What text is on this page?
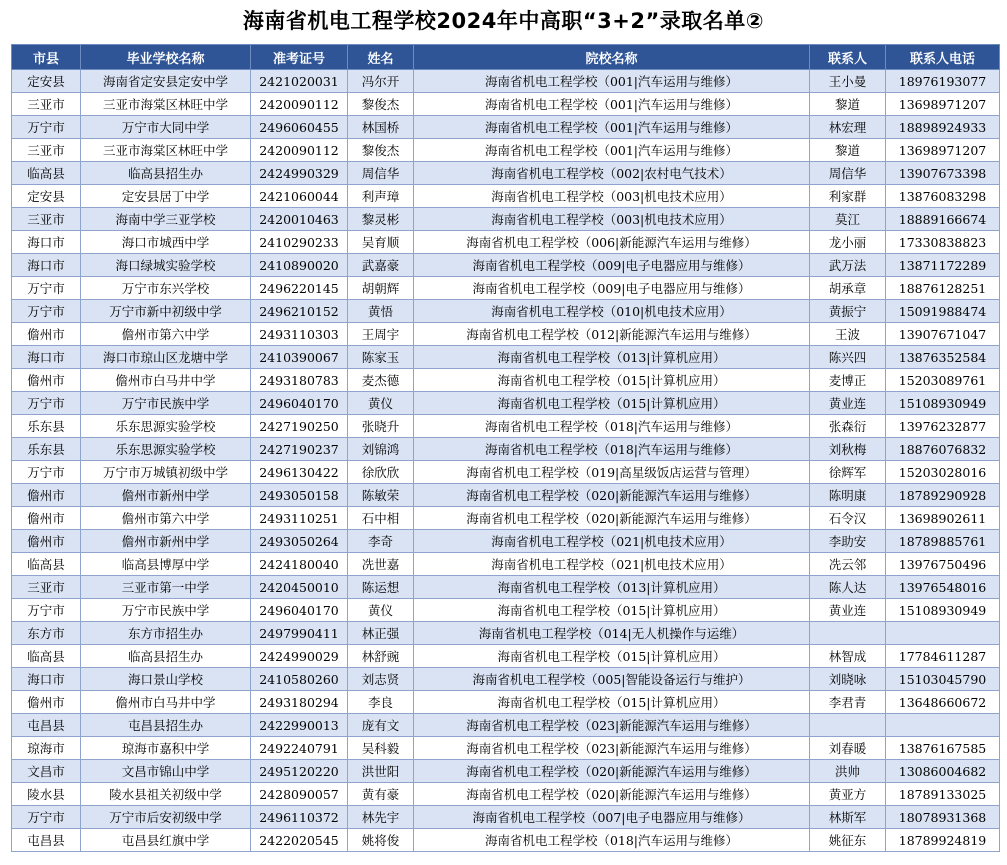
海南省机电工程学校2024年中高职“3+2”录取名单②
市县	毕业学校名称	准考证号	姓名	院校名称	联系人	联系人电话
定安县	海南省定安县定安中学	2421020031	冯尔开	海南省机电工程学校（001|汽车运用与维修）	王小曼	18976193077
三亚市	三亚市海棠区林旺中学	2420090112	黎俊杰	海南省机电工程学校（001|汽车运用与维修）	黎道	13698971207
万宁市	万宁市大同中学	2496060455	林国桥	海南省机电工程学校（001|汽车运用与维修）	林宏理	18898924933
三亚市	三亚市海棠区林旺中学	2420090112	黎俊杰	海南省机电工程学校（001|汽车运用与维修）	黎道	13698971207
临高县	临高县招生办	2424990329	周信华	海南省机电工程学校（002|农村电气技术）	周信华	13907673398
定安县	定安县居丁中学	2421060044	利声璋	海南省机电工程学校（003|机电技术应用）	利家群	13876083298
三亚市	海南中学三亚学校	2420010463	黎灵彬	海南省机电工程学校（003|机电技术应用）	莫江	18889166674
海口市	海口市城西中学	2410290233	吴育顺	海南省机电工程学校（006|新能源汽车运用与维修）	龙小丽	17330838823
海口市	海口绿城实验学校	2410890020	武嘉豪	海南省机电工程学校（009|电子电器应用与维修）	武万法	13871172289
万宁市	万宁市东兴学校	2496220145	胡朝辉	海南省机电工程学校（009|电子电器应用与维修）	胡承章	18876128251
万宁市	万宁市新中初级中学	2496210152	黄悟	海南省机电工程学校（010|机电技术应用）	黄振宁	15091988474
儋州市	儋州市第六中学	2493110303	王周宇	海南省机电工程学校（012|新能源汽车运用与维修）	王波	13907671047
海口市	海口市琼山区龙塘中学	2410390067	陈家玉	海南省机电工程学校（013|计算机应用）	陈兴四	13876352584
儋州市	儋州市白马井中学	2493180783	麦杰德	海南省机电工程学校（015|计算机应用）	麦博正	15203089761
万宁市	万宁市民族中学	2496040170	黄仪	海南省机电工程学校（015|计算机应用）	黄业连	15108930949
乐东县	乐东思源实验学校	2427190250	张晓升	海南省机电工程学校（018|汽车运用与维修）	张森衍	13976232877
乐东县	乐东思源实验学校	2427190237	刘锦鸿	海南省机电工程学校（018|汽车运用与维修）	刘秋梅	18876076832
万宁市	万宁市万城镇初级中学	2496130422	徐欣欣	海南省机电工程学校（019|高星级饭店运营与管理）	徐辉军	15203028016
儋州市	儋州市新州中学	2493050158	陈敏荣	海南省机电工程学校（020|新能源汽车运用与维修）	陈明康	18789290928
儋州市	儋州市第六中学	2493110251	石中相	海南省机电工程学校（020|新能源汽车运用与维修）	石令汉	13698902611
儋州市	儋州市新州中学	2493050264	李奇	海南省机电工程学校（021|机电技术应用）	李助安	18789885761
临高县	临高县博厚中学	2424180040	冼世嘉	海南省机电工程学校（021|机电技术应用）	冼云邻	13976750496
三亚市	三亚市第一中学	2420450010	陈运想	海南省机电工程学校（013|计算机应用）	陈人达	13976548016
万宁市	万宁市民族中学	2496040170	黄仪	海南省机电工程学校（015|计算机应用）	黄业连	15108930949
东方市	东方市招生办	2497990411	林正强	海南省机电工程学校（014|无人机操作与运维）		
临高县	临高县招生办	2424990029	林舒豌	海南省机电工程学校（015|计算机应用）	林智成	17784611287
海口市	海口景山学校	2410580260	刘志贤	海南省机电工程学校（005|智能设备运行与维护）	刘晓咏	15103045790
儋州市	儋州市白马井中学	2493180294	李良	海南省机电工程学校（015|计算机应用）	李君青	13648660672
屯昌县	屯昌县招生办	2422990013	庞有文	海南省机电工程学校（023|新能源汽车运用与维修）		
琼海市	琼海市嘉积中学	2492240791	吴科毅	海南省机电工程学校（023|新能源汽车运用与维修）	刘春暖	13876167585
文昌市	文昌市锦山中学	2495120220	洪世阳	海南省机电工程学校（020|新能源汽车运用与维修）	洪帅	13086004682
陵水县	陵水县祖关初级中学	2428090057	黄有豪	海南省机电工程学校（020|新能源汽车运用与维修）	黄亚方	18789133025
万宁市	万宁市后安初级中学	2496110372	林先宇	海南省机电工程学校（007|电子电器应用与维修）	林斯军	18078931368
屯昌县	屯昌县红旗中学	2422020545	姚将俊	海南省机电工程学校（018|汽车运用与维修）	姚征东	18789924819
